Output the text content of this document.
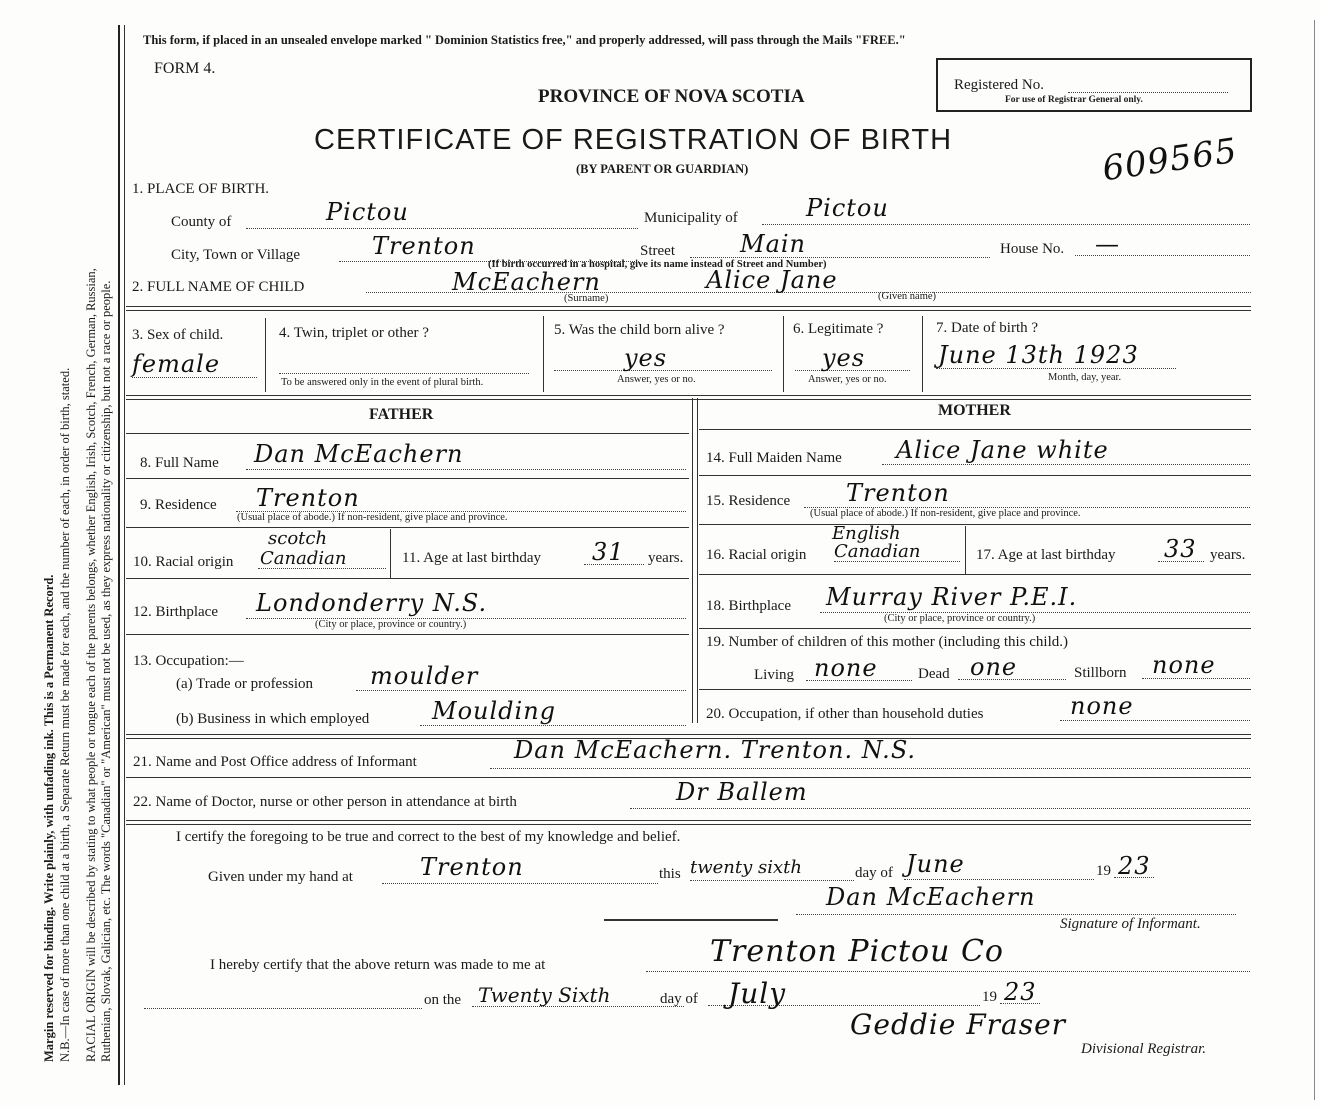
Margin reserved for binding. Write plainly, with unfading ink. This is a Permanent Record. N.B.—In case of more than one child at a birth, a Separate Return must be made for each, and the number of each, in order of birth, stated. RACIAL ORIGIN will be described by stating to what people or tongue each of the parents belongs, whether English, Irish, Scotch, French, German, Russian, Ruthenian, Slovak, Galician, etc. The words "Canadian" or "American" must not be used, as they express nationality or citizenship, but not a race or people.
This form, if placed in an unsealed envelope marked " Dominion Statistics free," and properly addressed, will pass through the Mails "FREE."
FORM 4.
PROVINCE OF NOVA SCOTIA
Registered No.
For use of Registrar General only.
CERTIFICATE OF REGISTRATION OF BIRTH
(BY PARENT OR GUARDIAN)	609565
1. PLACE OF BIRTH.
County of	Pictou	Municipality of	Pictou
City, Town or Village	Trenton	Street	Main	House No. —
(If birth occurred in a hospital, give its name instead of Street and Number)
2. FULL NAME OF CHILD	McEachern	Alice Jane
(Surname)	(Given name)
3. Sex of child.
female
4. Twin, triplet or other ?
To be answered only in the event of plural birth.
5. Was the child born alive ?
yes
Answer, yes or no.
6. Legitimate ?
yes
Answer, yes or no.
7. Date of birth ?
June 13th 1923
Month, day, year.
FATHER
8. Full Name Dan McEachern
9. Residence Trenton
(Usual place of abode.) If non-resident, give place and province.
10. Racial origin
scotch
Canadian	11. Age at last birthday 31 years.
12. Birthplace Londonderry N.S.
(City or place, province or country.)
13. Occupation:—
(a) Trade or profession moulder
(b) Business in which employed	Moulding
MOTHER
14. Full Maiden Name Alice Jane white
15. Residence Trenton
(Usual place of abode.) If non-resident, give place and province.
16. Racial origin
English
Canadian	17. Age at last birthday 33 years.
18. Birthplace Murray River P.E.I.
(City or place, province or country.)
19. Number of children of this mother (including this child.)
Living none	Dead one	Stillborn none
20. Occupation, if other than household duties	none
21. Name and Post Office address of Informant	Dan McEachern. Trenton. N.S.
22. Name of Doctor, nurse or other person in attendance at birth	Dr Ballem
I certify the foregoing to be true and correct to the best of my knowledge and belief.
Given under my hand at	Trenton	this twenty sixth	day of June	19 23
Dan McEachern
Signature of Informant.
I hereby certify that the above return was made to me at	Trenton Pictou Co
on the Twenty Sixth	day of July	19 23
Geddie Fraser
Divisional Registrar.
